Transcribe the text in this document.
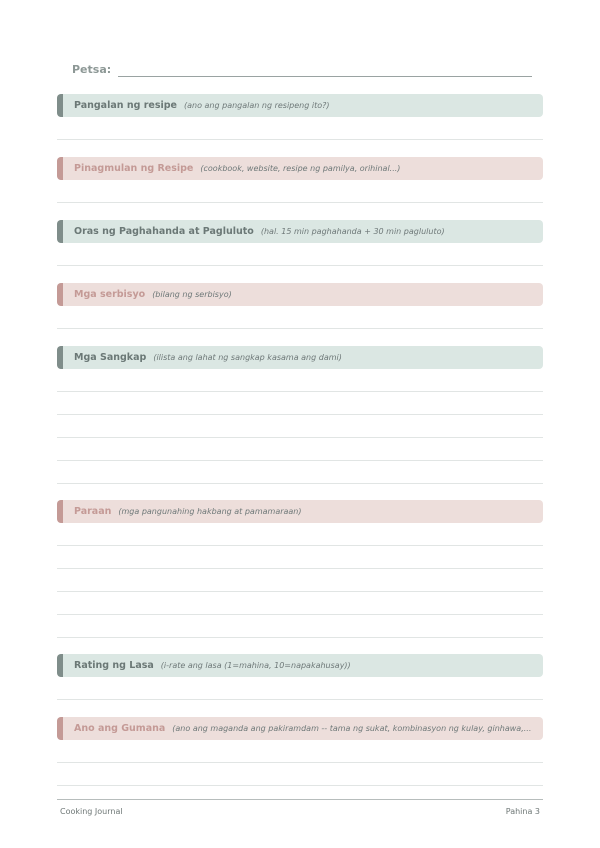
Petsa:
Pangalan ng resipe (ano ang pangalan ng resipeng ito?)
Pinagmulan ng Resipe (cookbook, website, resipe ng pamilya, orihinal...)
Oras ng Paghahanda at Pagluluto (hal. 15 min paghahanda + 30 min pagluluto)
Mga serbisyo (bilang ng serbisyo)
Mga Sangkap (ilista ang lahat ng sangkap kasama ang dami)
Paraan (mga pangunahing hakbang at pamamaraan)
Rating ng Lasa (i-rate ang lasa (1=mahina, 10=napakahusay))
Ano ang Gumana (ano ang maganda ang pakiramdam -- tama ng sukat, kombinasyon ng kulay, ginhawa,...
Cooking Journal	Pahina 3
